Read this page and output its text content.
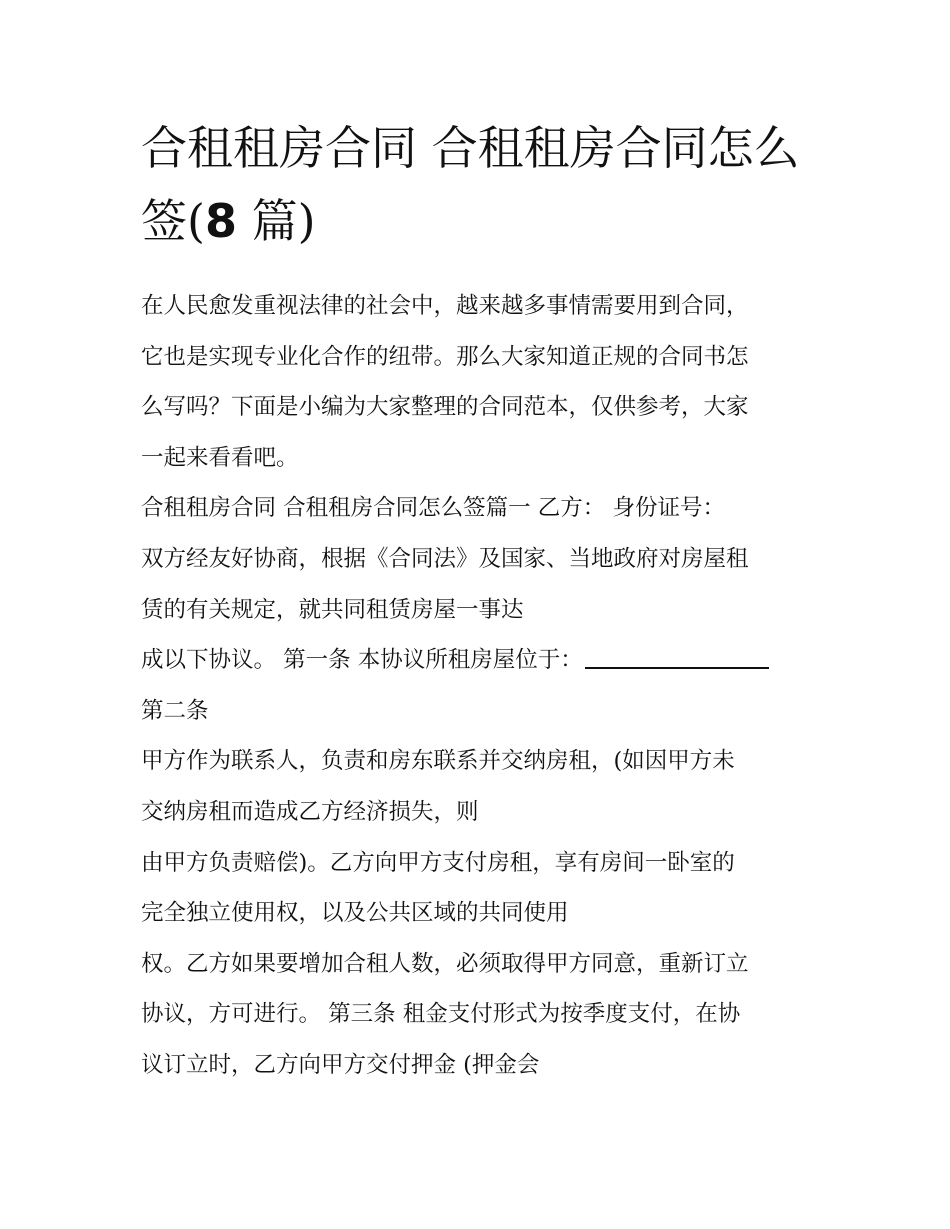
合租租房合同 合租租房合同怎么签(8 篇)
在人民愈发重视法律的社会中，越来越多事情需要用到合同，
它也是实现专业化合作的纽带。那么大家知道正规的合同书怎
么写吗？下面是小编为大家整理的合同范本，仅供参考，大家
一起来看看吧。
合租租房合同 合租租房合同怎么签篇一 乙方： 身份证号：
双方经友好协商，根据《合同法》及国家、当地政府对房屋租
赁的有关规定，就共同租赁房屋一事达
成以下协议。 第一条 本协议所租房屋位于：
第二条
甲方作为联系人，负责和房东联系并交纳房租，(如因甲方未
交纳房租而造成乙方经济损失，则
由甲方负责赔偿)。乙方向甲方支付房租，享有房间一卧室的
完全独立使用权，以及公共区域的共同使用
权。乙方如果要增加合租人数，必须取得甲方同意，重新订立
协议，方可进行。 第三条 租金支付形式为按季度支付，在协
议订立时，乙方向甲方交付押金 (押金会
